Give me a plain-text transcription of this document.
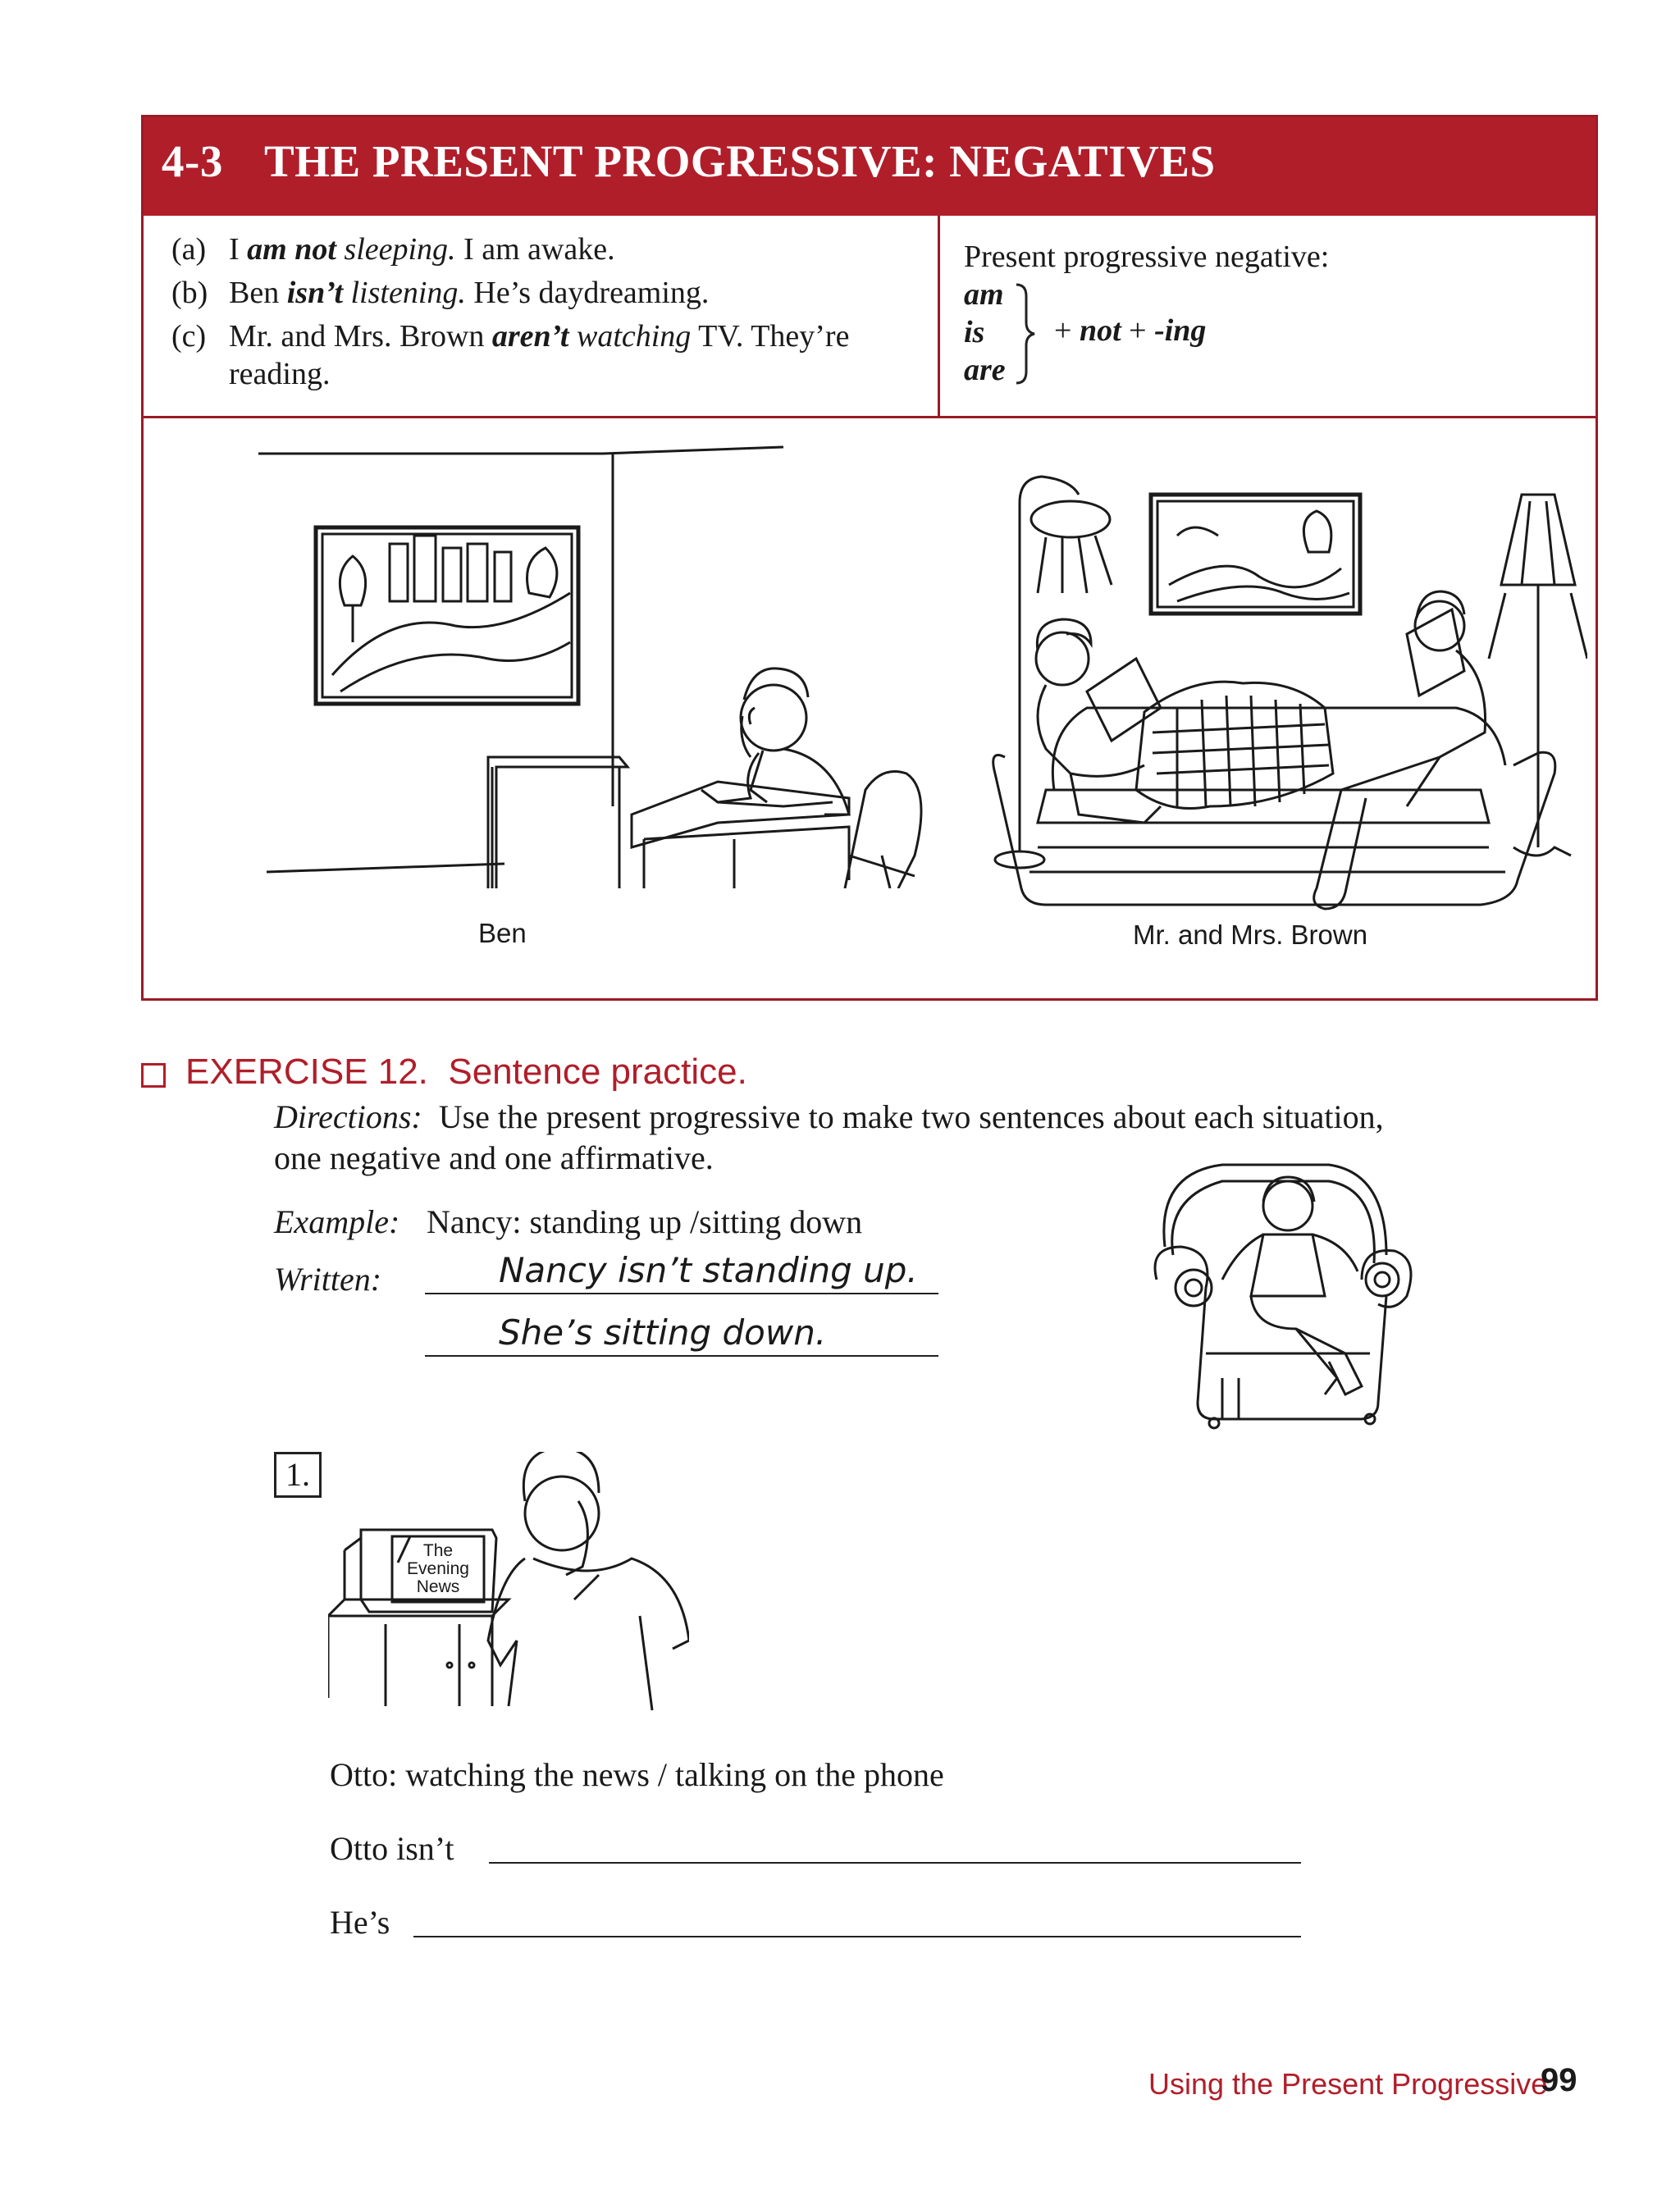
4-3 THE PRESENT PROGRESSIVE: NEGATIVES
(a) I am not sleeping. I am awake.
(b) Ben isn’t listening. He’s daydreaming.
(c) Mr. and Mrs. Brown aren’t watching TV. They’re
reading.
Present progressive negative:
am
is
are
+ not + -ing
Ben	Mr. and Mrs. Brown
EXERCISE 12. Sentence practice.
Directions: Use the present progressive to make two sentences about each situation,
one negative and one affirmative.
Example: Nancy: standing up /sitting down
Written:	Nancy isn’t standing up.
She’s sitting down.
1.
The
Evening
News
Otto: watching the news / talking on the phone
Otto isn’t
He’s
Using the Present Progressive
99
